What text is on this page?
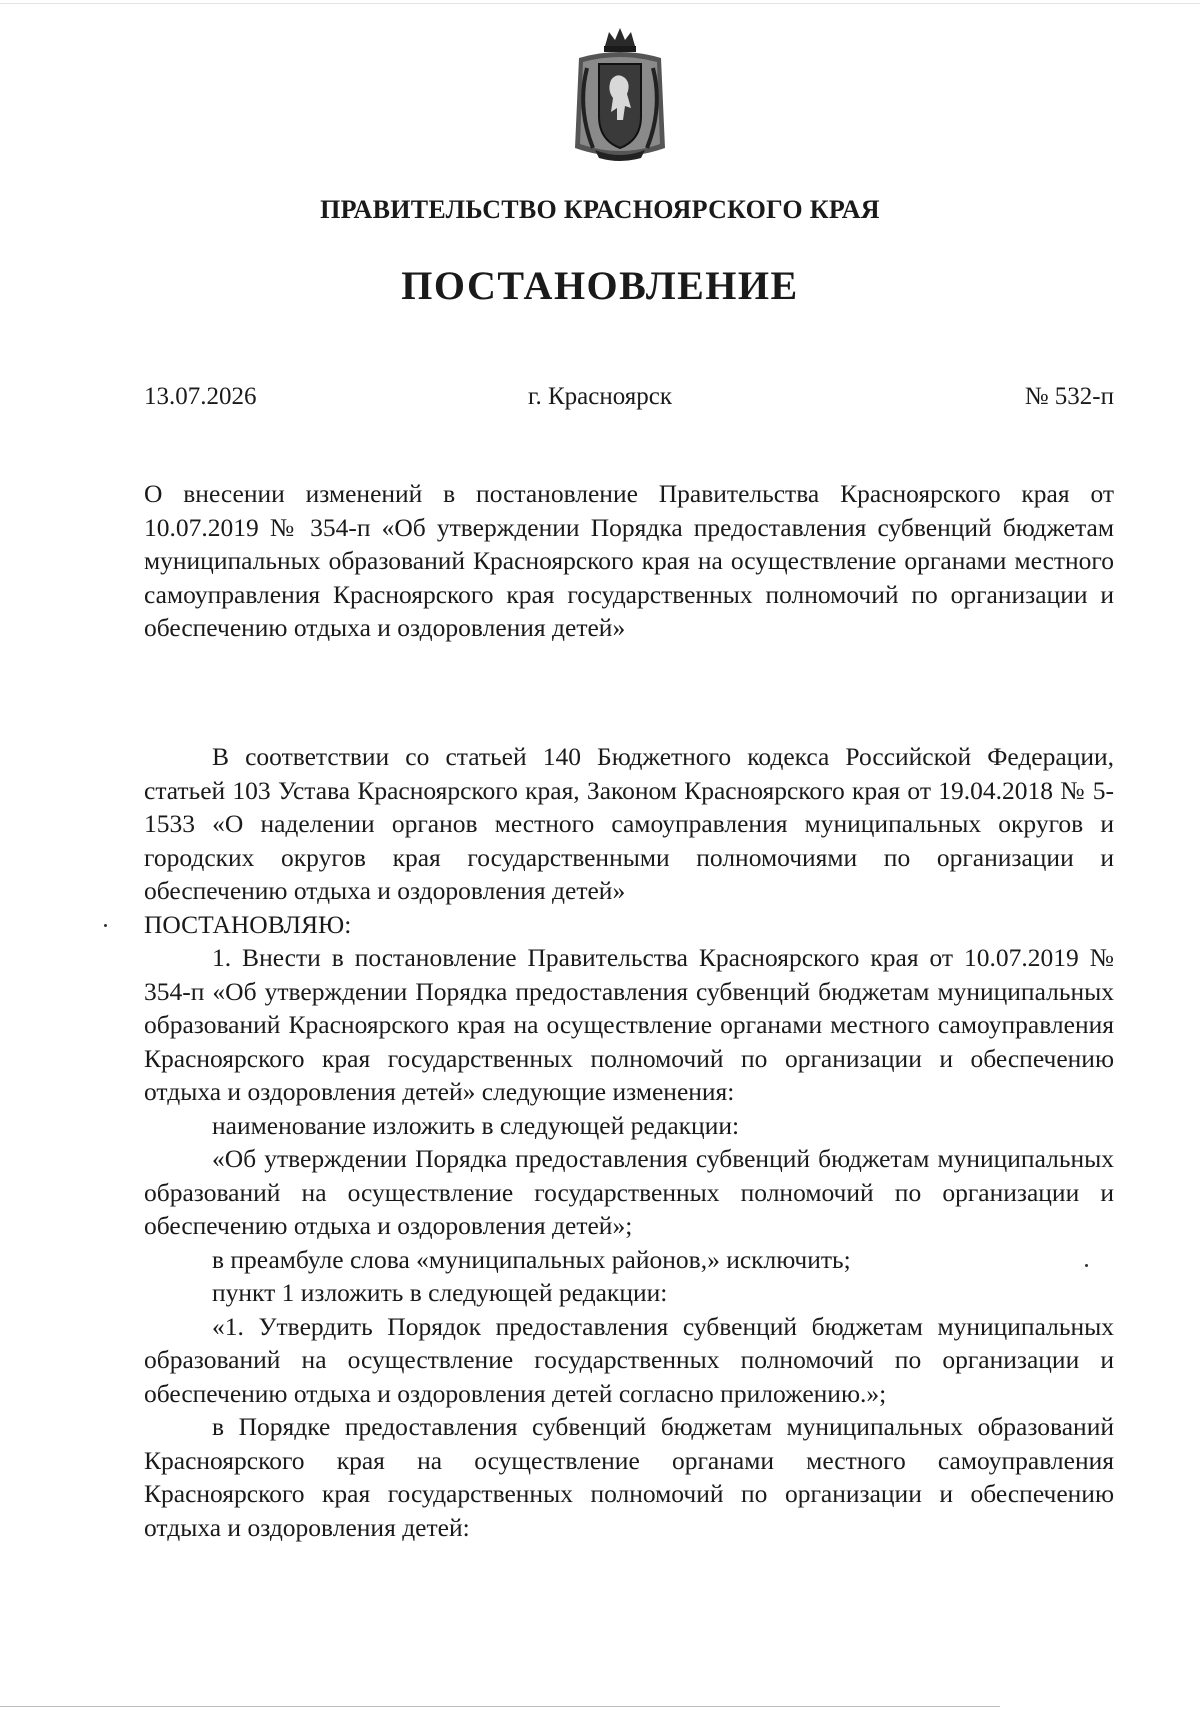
ПРАВИТЕЛЬСТВО КРАСНОЯРСКОГО КРАЯ
ПОСТАНОВЛЕНИЕ
13.07.2026	г. Красноярск	№ 532-п

О внесении изменений в постановление Правительства Красноярского края от 10.07.2019 № 354-п «Об утверждении Порядка предоставления субвенций бюджетам муниципальных образований Красноярского края на осуществление органами местного самоуправления Красноярского края государственных полномочий по организации и обеспечению отдыха и оздоровления детей»

В соответствии со статьей 140 Бюджетного кодекса Российской Федерации, статьей 103 Устава Красноярского края, Законом Красноярского края от 19.04.2018 № 5-1533 «О наделении органов местного самоуправления муниципальных округов и городских округов края государственными полномочиями по организации и обеспечению отдыха и оздоровления детей»

ПОСТАНОВЛЯЮ:

1. Внести в постановление Правительства Красноярского края от 10.07.2019 № 354-п «Об утверждении Порядка предоставления субвенций бюджетам муниципальных образований Красноярского края на осуществление органами местного самоуправления Красноярского края государственных полномочий по организации и обеспечению отдыха и оздоровления детей» следующие изменения:

наименование изложить в следующей редакции:

«Об утверждении Порядка предоставления субвенций бюджетам муниципальных образований на осуществление государственных полномочий по организации и обеспечению отдыха и оздоровления детей»;

в преамбуле слова «муниципальных районов,» исключить;

пункт 1 изложить в следующей редакции:

«1. Утвердить Порядок предоставления субвенций бюджетам муниципальных образований на осуществление государственных полномочий по организации и обеспечению отдыха и оздоровления детей согласно приложению.»;

в Порядке предоставления субвенций бюджетам муниципальных образований Красноярского края на осуществление органами местного самоуправления Красноярского края государственных полномочий по организации и обеспечению отдыха и оздоровления детей:
